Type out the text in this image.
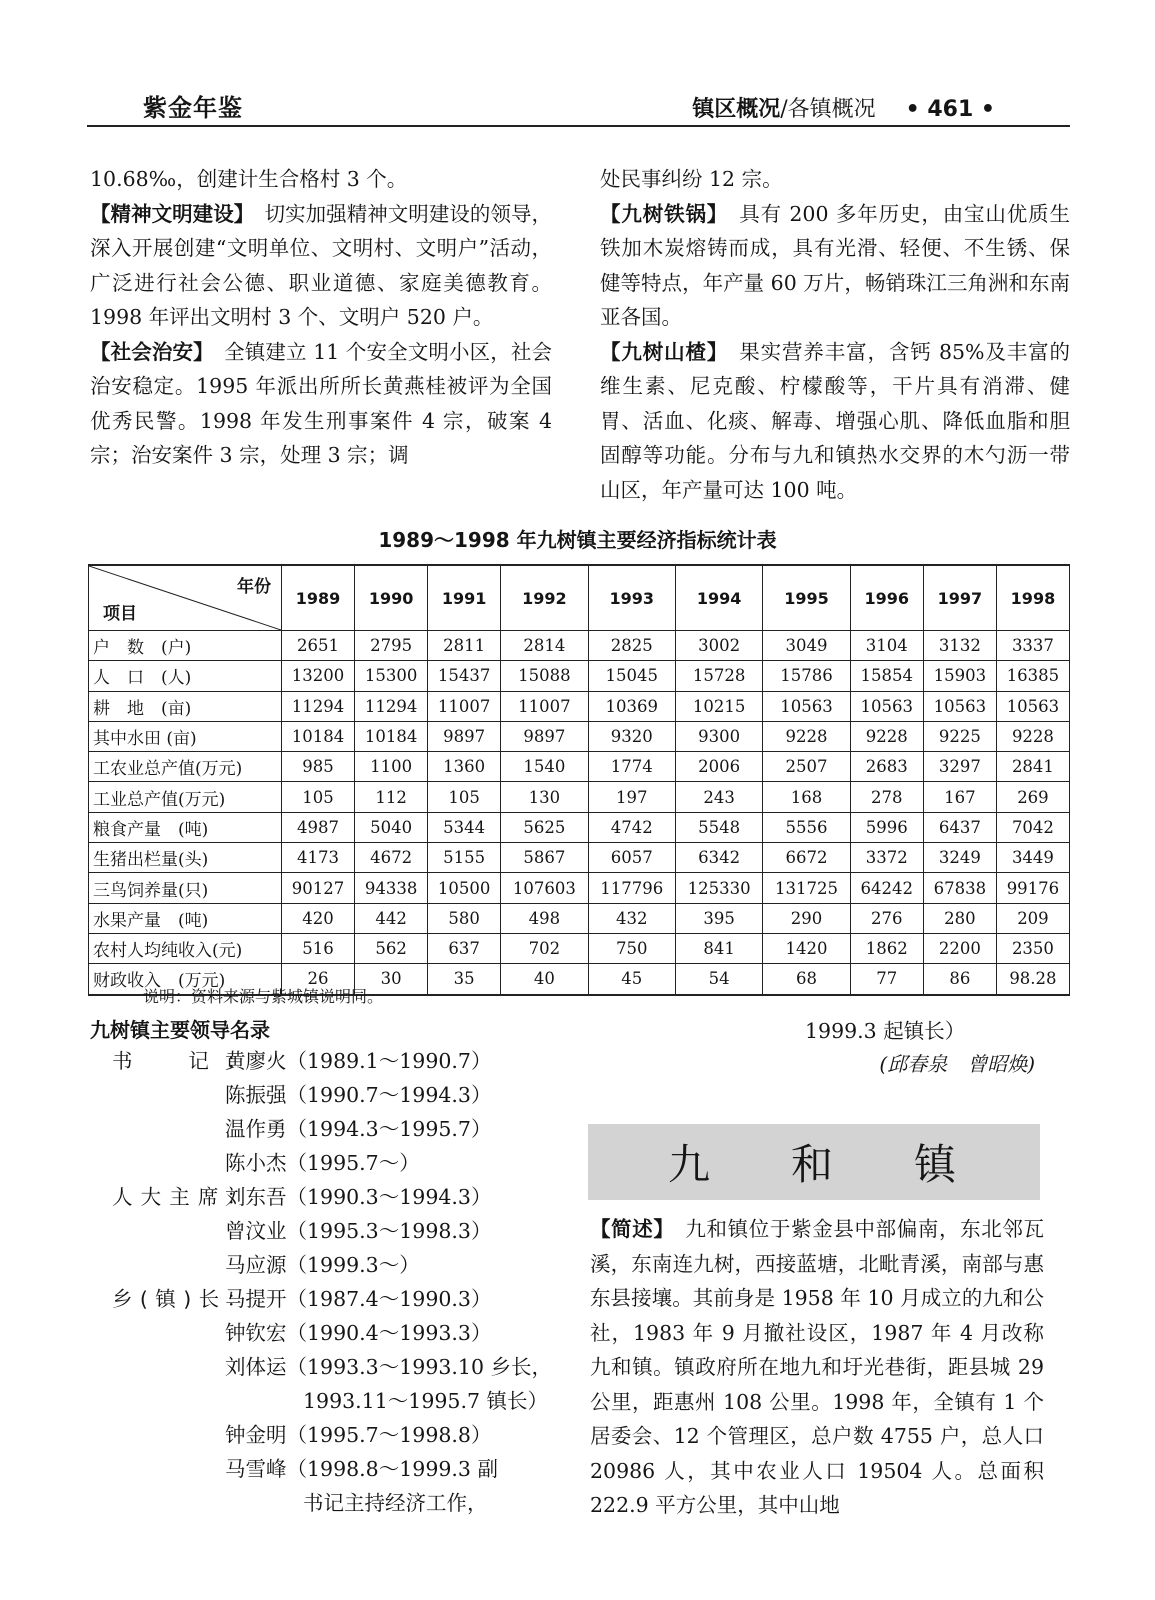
紫金年鉴	镇区概况/各镇概况 • 461 •

10.68‰，创建计生合格村 3 个。

【精神文明建设】　切实加强精神文明建设的领导，深入开展创建“文明单位、文明村、文明户”活动，广泛进行社会公德、职业道德、家庭美德教育。1998 年评出文明村 3 个、文明户 520 户。

【社会治安】　全镇建立 11 个安全文明小区，社会治安稳定。1995 年派出所所长黄燕桂被评为全国优秀民警。1998 年发生刑事案件 4 宗，破案 4 宗；治安案件 3 宗，处理 3 宗；调

处民事纠纷 12 宗。

【九树铁锅】　具有 200 多年历史，由宝山优质生铁加木炭熔铸而成，具有光滑、轻便、不生锈、保健等特点，年产量 60 万片，畅销珠江三角洲和东南亚各国。

【九树山楂】　果实营养丰富，含钙 85%及丰富的维生素、尼克酸、柠檬酸等，干片具有消滞、健胃、活血、化痰、解毒、增强心肌、降低血脂和胆固醇等功能。分布与九和镇热水交界的木勺沥一带山区，年产量可达 100 吨。

1989～1998 年九树镇主要经济指标统计表
年份
项目	1989	1990	1991	1992	1993	1994	1995	1996	1997	1998
户　数　(户)	2651	2795	2811	2814	2825	3002	3049	3104	3132	3337
人　口　(人)	13200	15300	15437	15088	15045	15728	15786	15854	15903	16385
耕　地　(亩)	11294	11294	11007	11007	10369	10215	10563	10563	10563	10563
其中水田 (亩)	10184	10184	9897	9897	9320	9300	9228	9228	9225	9228
工农业总产值(万元)	985	1100	1360	1540	1774	2006	2507	2683	3297	2841
工业总产值(万元)	105	112	105	130	197	243	168	278	167	269
粮食产量　(吨)	4987	5040	5344	5625	4742	5548	5556	5996	6437	7042
生猪出栏量(头)	4173	4672	5155	5867	6057	6342	6672	3372	3249	3449
三鸟饲养量(只)	90127	94338	10500	107603	117796	125330	131725	64242	67838	99176
水果产量　(吨)	420	442	580	498	432	395	290	276	280	209
农村人均纯收入(元)	516	562	637	702	750	841	1420	1862	2200	2350
财政收入　(万元)	26	30	35	40	45	54	68	77	86	98.28
说明：资料来源与紫城镇说明同。
九树镇主要领导名录
书　记：
黄廖火（1989.1～1990.7）
陈振强（1990.7～1994.3）
温作勇（1994.3～1995.7）
陈小杰（1995.7～）
人大主席：
刘东吾（1990.3～1994.3）
曾汶业（1995.3～1998.3）
马应源（1999.3～）
乡(镇)长：
马提开（1987.4～1990.3）
钟钦宏（1990.4～1993.3）
刘体运（1993.3～1993.10 乡长，
1993.11～1995.7 镇长）
钟金明（1995.7～1998.8）
马雪峰（1998.8～1999.3 副
书记主持经济工作，
1999.3 起镇长）
(邱春泉　曾昭焕)
九 和 镇

【简述】　九和镇位于紫金县中部偏南，东北邻瓦溪，东南连九树，西接蓝塘，北毗青溪，南部与惠东县接壤。其前身是 1958 年 10 月成立的九和公社，1983 年 9 月撤社设区，1987 年 4 月改称九和镇。镇政府所在地九和圩光巷街，距县城 29 公里，距惠州 108 公里。1998 年，全镇有 1 个居委会、12 个管理区，总户数 4755 户，总人口 20986 人，其中农业人口 19504 人。总面积 222.9 平方公里，其中山地
